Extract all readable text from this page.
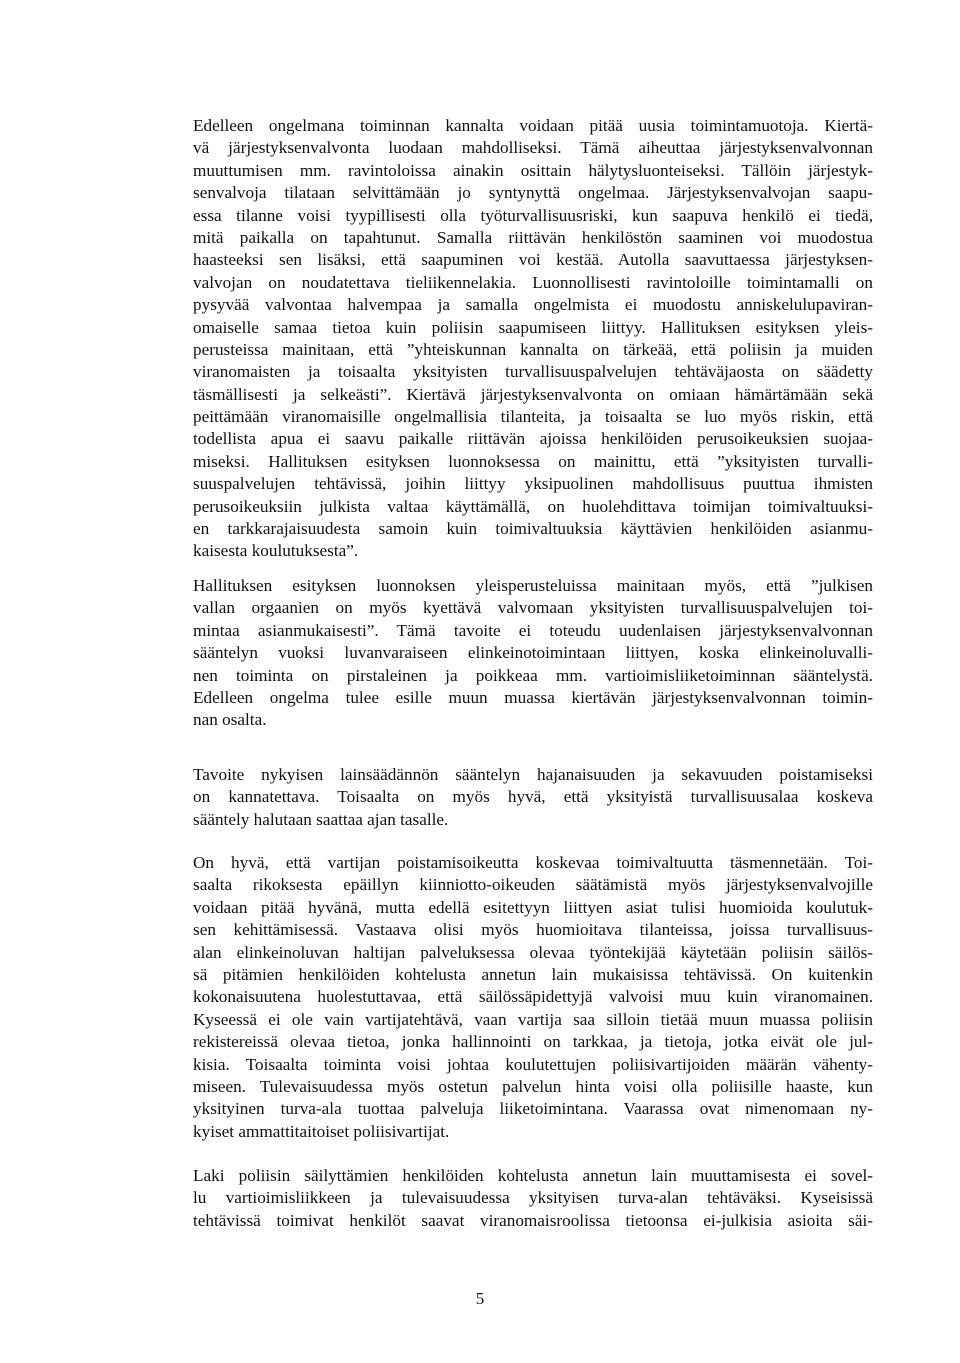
Edelleen ongelmana toiminnan kannalta voidaan pitää uusia toimintamuotoja. Kiertä-
vä järjestyksenvalvonta luodaan mahdolliseksi. Tämä aiheuttaa järjestyksenvalvonnan
muuttumisen mm. ravintoloissa ainakin osittain hälytysluonteiseksi. Tällöin järjestyk-
senvalvoja tilataan selvittämään jo syntynyttä ongelmaa. Järjestyksenvalvojan saapu-
essa tilanne voisi tyypillisesti olla työturvallisuusriski, kun saapuva henkilö ei tiedä,
mitä paikalla on tapahtunut. Samalla riittävän henkilöstön saaminen voi muodostua
haasteeksi sen lisäksi, että saapuminen voi kestää. Autolla saavuttaessa järjestyksen-
valvojan on noudatettava tieliikennelakia. Luonnollisesti ravintoloille toimintamalli on
pysyvää valvontaa halvempaa ja samalla ongelmista ei muodostu anniskelulupaviran-
omaiselle samaa tietoa kuin poliisin saapumiseen liittyy. Hallituksen esityksen yleis-
perusteissa mainitaan, että ”yhteiskunnan kannalta on tärkeää, että poliisin ja muiden
viranomaisten ja toisaalta yksityisten turvallisuuspalvelujen tehtäväjaosta on säädetty
täsmällisesti ja selkeästi”. Kiertävä järjestyksenvalvonta on omiaan hämärtämään sekä
peittämään viranomaisille ongelmallisia tilanteita, ja toisaalta se luo myös riskin, että
todellista apua ei saavu paikalle riittävän ajoissa henkilöiden perusoikeuksien suojaa-
miseksi. Hallituksen esityksen luonnoksessa on mainittu, että ”yksityisten turvalli-
suuspalvelujen tehtävissä, joihin liittyy yksipuolinen mahdollisuus puuttua ihmisten
perusoikeuksiin julkista valtaa käyttämällä, on huolehdittava toimijan toimivaltuuksi-
en tarkkarajaisuudesta samoin kuin toimivaltuuksia käyttävien henkilöiden asianmu-
kaisesta koulutuksesta”.
Hallituksen esityksen luonnoksen yleisperusteluissa mainitaan myös, että ”julkisen
vallan orgaanien on myös kyettävä valvomaan yksityisten turvallisuuspalvelujen toi-
mintaa asianmukaisesti”. Tämä tavoite ei toteudu uudenlaisen järjestyksenvalvonnan
sääntelyn vuoksi luvanvaraiseen elinkeinotoimintaan liittyen, koska elinkeinoluvalli-
nen toiminta on pirstaleinen ja poikkeaa mm. vartioimisliiketoiminnan sääntelystä.
Edelleen ongelma tulee esille muun muassa kiertävän järjestyksenvalvonnan toimin-
nan osalta.
Tavoite nykyisen lainsäädännön sääntelyn hajanaisuuden ja sekavuuden poistamiseksi
on kannatettava. Toisaalta on myös hyvä, että yksityistä turvallisuusalaa koskeva
sääntely halutaan saattaa ajan tasalle.
On hyvä, että vartijan poistamisoikeutta koskevaa toimivaltuutta täsmennetään. Toi-
saalta rikoksesta epäillyn kiinniotto-oikeuden säätämistä myös järjestyksenvalvojille
voidaan pitää hyvänä, mutta edellä esitettyyn liittyen asiat tulisi huomioida koulutuk-
sen kehittämisessä. Vastaava olisi myös huomioitava tilanteissa, joissa turvallisuus-
alan elinkeinoluvan haltijan palveluksessa olevaa työntekijää käytetään poliisin säilös-
sä pitämien henkilöiden kohtelusta annetun lain mukaisissa tehtävissä. On kuitenkin
kokonaisuutena huolestuttavaa, että säilössäpidettyjä valvoisi muu kuin viranomainen.
Kyseessä ei ole vain vartijatehtävä, vaan vartija saa silloin tietää muun muassa poliisin
rekistereissä olevaa tietoa, jonka hallinnointi on tarkkaa, ja tietoja, jotka eivät ole jul-
kisia. Toisaalta toiminta voisi johtaa koulutettujen poliisivartijoiden määrän vähenty-
miseen. Tulevaisuudessa myös ostetun palvelun hinta voisi olla poliisille haaste, kun
yksityinen turva-ala tuottaa palveluja liiketoimintana. Vaarassa ovat nimenomaan ny-
kyiset ammattitaitoiset poliisivartijat.
Laki poliisin säilyttämien henkilöiden kohtelusta annetun lain muuttamisesta ei sovel-
lu vartioimisliikkeen ja tulevaisuudessa yksityisen turva-alan tehtäväksi. Kyseisissä
tehtävissä toimivat henkilöt saavat viranomaisroolissa tietoonsa ei-julkisia asioita säi-
5
